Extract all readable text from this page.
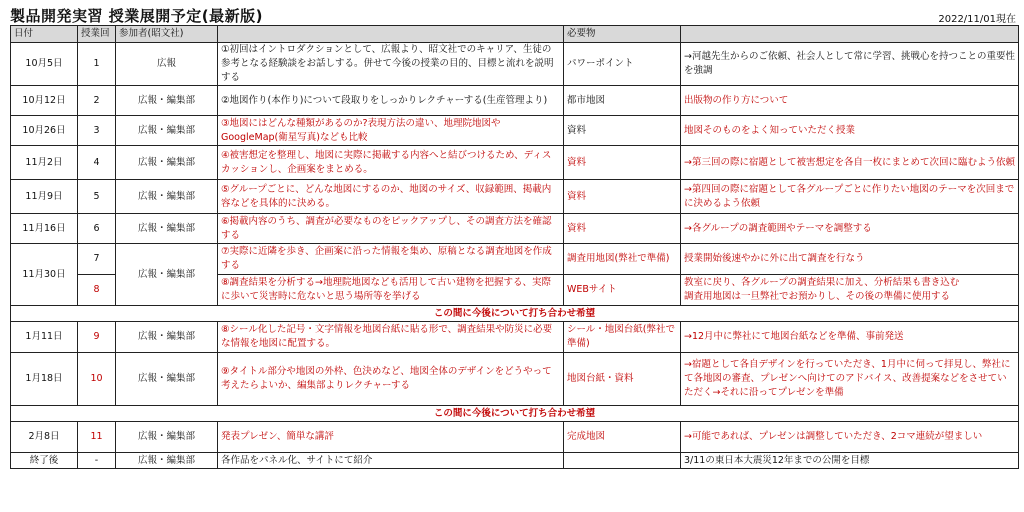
製品開発実習 授業展開予定(最新版)	2022/11/01現在
日付	授業回	参加者(昭文社)		必要物	
10月5日	1	広報	①初回はイントロダクションとして、広報より、昭文社でのキャリア、生徒の参考となる経験談をお話しする。併せて今後の授業の目的、目標と流れを説明する	パワーポイント	→河越先生からのご依頼、社会人として常に学習、挑戦心を持つことの重要性を強調
10月12日	2	広報・編集部	②地図作り(本作り)について段取りをしっかりレクチャーする(生産管理より)	都市地図	出版物の作り方について
10月26日	3	広報・編集部	③地図にはどんな種類があるのか?表現方法の違い、地理院地図やGoogleMap(衛星写真)なども比較	資料	地図そのものをよく知っていただく授業
11月2日	4	広報・編集部	④被害想定を整理し、地図に実際に掲載する内容へと結びつけるため、ディスカッションし、企画案をまとめる。	資料	→第三回の際に宿題として被害想定を各自一枚にまとめて次回に臨むよう依頼
11月9日	5	広報・編集部	⑤グループごとに、どんな地図にするのか、地図のサイズ、収録範囲、掲載内容などを具体的に決める。	資料	→第四回の際に宿題として各グループごとに作りたい地図のテーマを次回までに決めるよう依頼
11月16日	6	広報・編集部	⑥掲載内容のうち、調査が必要なものをピックアップし、その調査方法を確認する	資料	→各グループの調査範囲やテーマを調整する
11月30日	7	広報・編集部	⑦実際に近隣を歩き、企画案に沿った情報を集め、原稿となる調査地図を作成する	調査用地図(弊社で準備)	授業開始後速やかに外に出て調査を行なう
	8		⑧調査結果を分析する→地理院地図なども活用して古い建物を把握する、実際に歩いて災害時に危ないと思う場所等を挙げる	WEBサイト	教室に戻り、各グループの調査結果に加え、分析結果も書き込む
調査用地図は一旦弊社でお預かりし、その後の準備に使用する

この間に今後について打ち合わせ希望					
1月11日	9	広報・編集部	⑧シール化した記号・文字情報を地図台紙に貼る形で、調査結果や防災に必要な情報を地図に配置する。	シール・地図台紙(弊社で準備)	→12月中に弊社にて地図台紙などを準備、事前発送
1月18日	10	広報・編集部	⑨タイトル部分や地図の外枠、色決めなど、地図全体のデザインをどうやって考えたらよいか、編集部よりレクチャーする	地図台紙・資料	→宿題として各自デザインを行っていただき、1月中に伺って拝見し、弊社にて各地図の審査、プレゼンへ向けてのアドバイス、改善提案などをさせていただく→それに沿ってプレゼンを準備
この間に今後について打ち合わせ希望					
2月8日	11	広報・編集部	発表プレゼン、簡単な講評	完成地図	→可能であれば、プレゼンは調整していただき、2コマ連続が望ましい
終了後	-	広報・編集部	各作品をパネル化、サイトにて紹介		3/11の東日本大震災12年までの公開を目標
